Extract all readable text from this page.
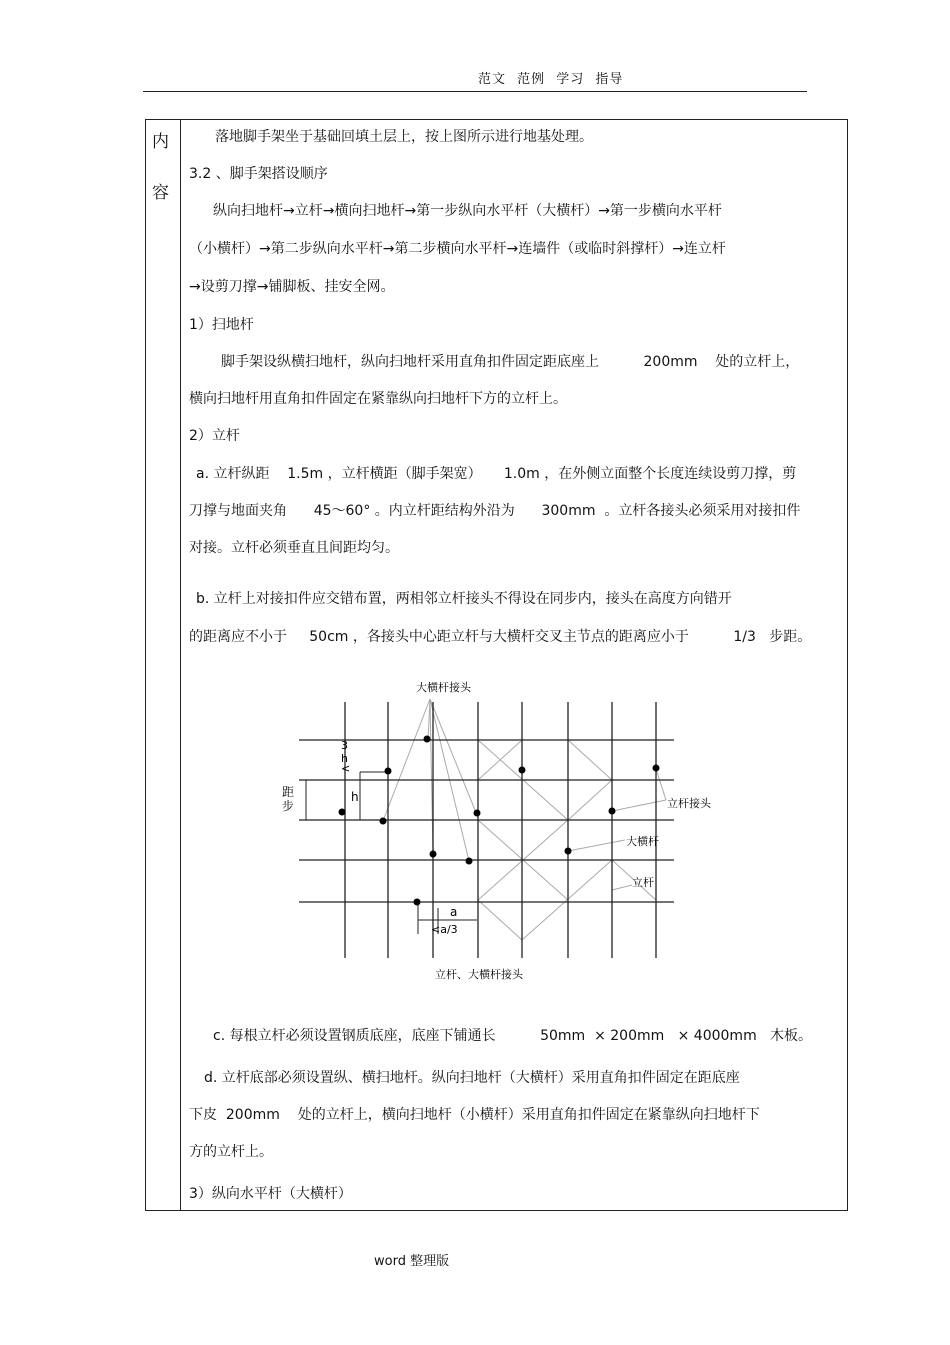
范文 范例 学习 指导
内
容
落地脚手架坐于基础回填土层上，按上图所示进行地基处理。
3.2 、脚手架搭设顺序
纵向扫地杆→立杆→横向扫地杆→第一步纵向水平杆（大横杆）→第一步横向水平杆
（小横杆）→第二步纵向水平杆→第二步横向水平杆→连墙件（或临时斜撑杆）→连立杆
→设剪刀撑→铺脚板、挂安全网。
1）扫地杆
脚手架设纵横扫地杆，纵向扫地杆采用直角扣件固定距底座上          200mm    处的立杆上，
横向扫地杆用直角扣件固定在紧靠纵向扫地杆下方的立杆上。
2）立杆
a. 立杆纵距    1.5m ，立杆横距（脚手架宽）     1.0m ，在外侧立面整个长度连续设剪刀撑，剪
刀撑与地面夹角      45～60° 。内立杆距结构外沿为      300mm  。立杆各接头必须采用对接扣件
对接。立杆必须垂直且间距均匀。
b. 立杆上对接扣件应交错布置，两相邻立杆接头不得设在同步内，接头在高度方向错开
的距离应不小于     50cm ，各接头中心距立杆与大横杆交叉主节点的距离应小于          1/3   步距。
大横杆接头
距
步
h
3
h
<
a
<a/3
立杆接头
大横杆
立杆
立杆、大横杆接头
c. 每根立杆必须设置钢质底座，底座下铺通长          50mm  × 200mm   × 4000mm   木板。
d. 立杆底部必须设置纵、横扫地杆。纵向扫地杆（大横杆）采用直角扣件固定在距底座
下皮  200mm    处的立杆上，横向扫地杆（小横杆）采用直角扣件固定在紧靠纵向扫地杆下
方的立杆上。
3）纵向水平杆（大横杆）
word 整理版
